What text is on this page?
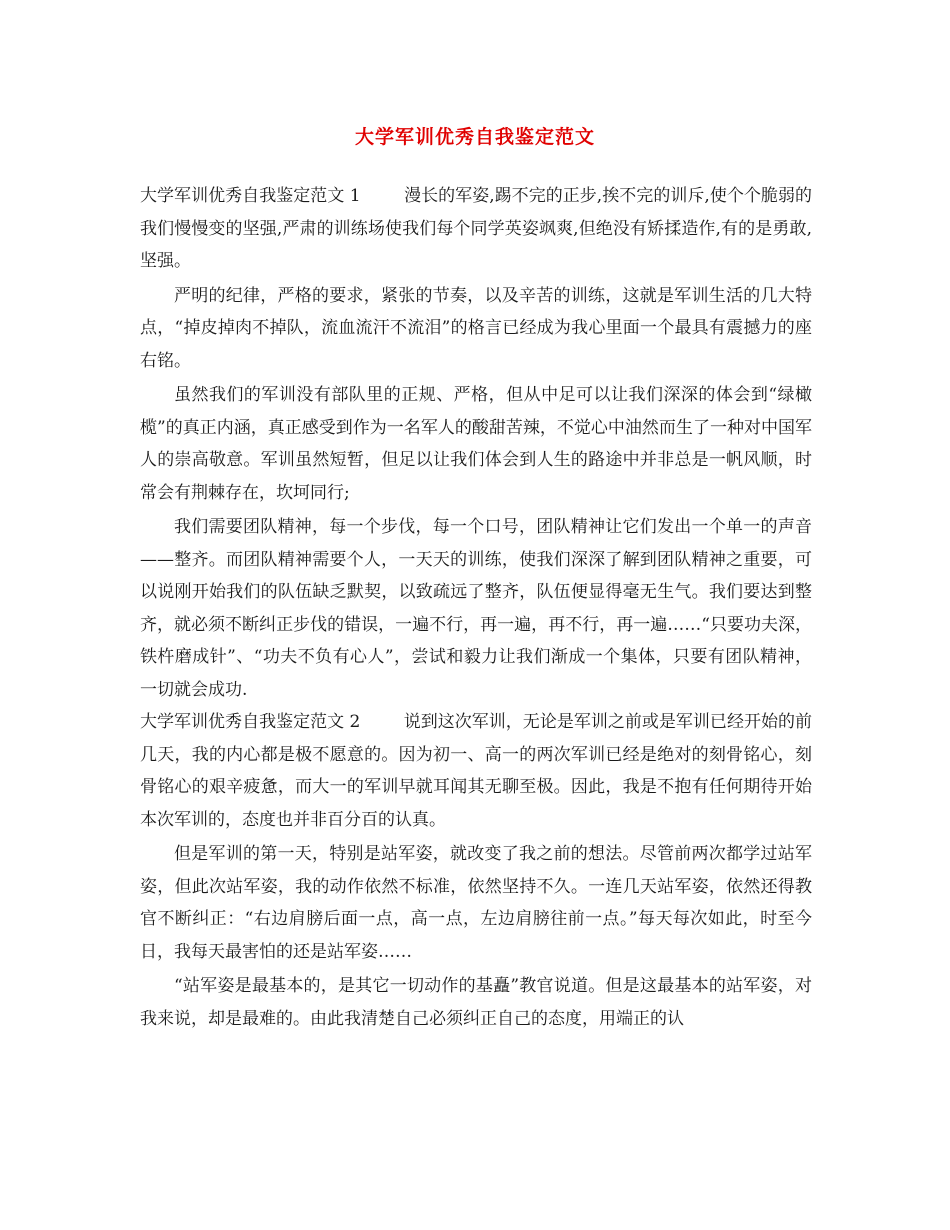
大学军训优秀自我鉴定范文

大学军训优秀自我鉴定范文 1	漫长的军姿,踢不完的正步,挨不完的训斥,使个个脆弱的我们慢慢变的坚强,严肃的训练场使我们每个同学英姿飒爽,但绝没有矫揉造作,有的是勇敢,坚强。

严明的纪律，严格的要求，紧张的节奏，以及辛苦的训练，这就是军训生活的几大特点，“掉皮掉肉不掉队，流血流汗不流泪”的格言已经成为我心里面一个最具有震撼力的座右铭。

虽然我们的军训没有部队里的正规、严格，但从中足可以让我们深深的体会到“绿橄榄”的真正内涵，真正感受到作为一名军人的酸甜苦辣，不觉心中油然而生了一种对中国军人的崇高敬意。军训虽然短暂，但足以让我们体会到人生的路途中并非总是一帆风顺，时常会有荆棘存在，坎坷同行;

我们需要团队精神，每一个步伐，每一个口号，团队精神让它们发出一个单一的声音——整齐。而团队精神需要个人，一天天的训练，使我们深深了解到团队精神之重要，可以说刚开始我们的队伍缺乏默契，以致疏远了整齐，队伍便显得毫无生气。我们要达到整齐，就必须不断纠正步伐的错误，一遍不行，再一遍，再不行，再一遍……“只要功夫深，铁杵磨成针”、“功夫不负有心人”，尝试和毅力让我们渐成一个集体，只要有团队精神，一切就会成功.

大学军训优秀自我鉴定范文 2	说到这次军训，无论是军训之前或是军训已经开始的前几天，我的内心都是极不愿意的。因为初一、高一的两次军训已经是绝对的刻骨铭心，刻骨铭心的艰辛疲惫，而大一的军训早就耳闻其无聊至极。因此，我是不抱有任何期待开始本次军训的，态度也并非百分百的认真。

但是军训的第一天，特别是站军姿，就改变了我之前的想法。尽管前两次都学过站军姿，但此次站军姿，我的动作依然不标准，依然坚持不久。一连几天站军姿，依然还得教官不断纠正：“右边肩膀后面一点，高一点，左边肩膀往前一点。”每天每次如此，时至今日，我每天最害怕的还是站军姿……

“站军姿是最基本的，是其它一切动作的基矗”教官说道。但是这最基本的站军姿，对我来说，却是最难的。由此我清楚自己必须纠正自己的态度，用端正的认
